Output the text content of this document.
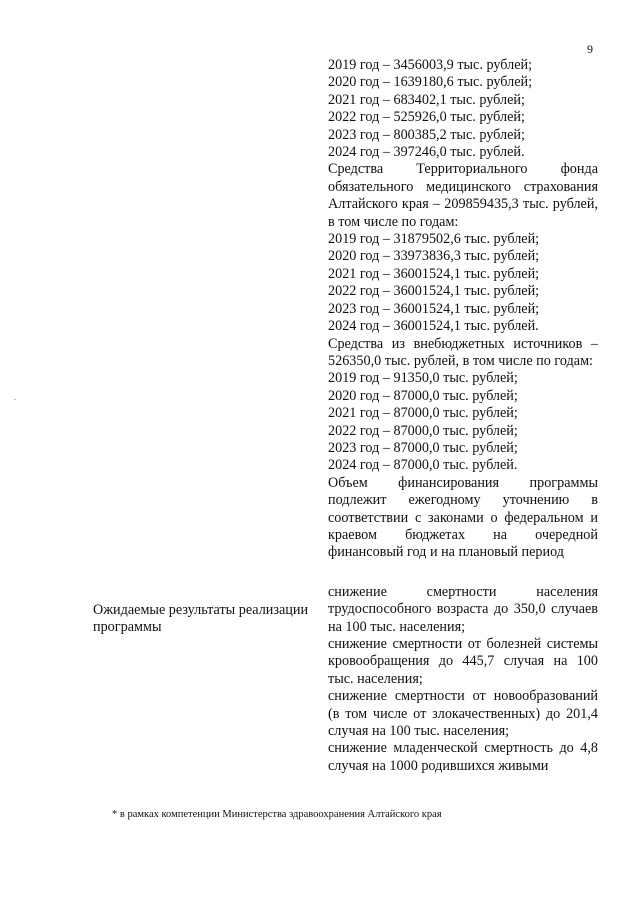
9
2019 год – 3456003,9 тыс. рублей;
2020 год – 1639180,6 тыс. рублей;
2021 год – 683402,1 тыс. рублей;
2022 год – 525926,0 тыс. рублей;
2023 год – 800385,2 тыс. рублей;
2024 год – 397246,0 тыс. рублей.
Средства Территориального фонда обязательного медицинского страхования Алтайского края – 209859435,3 тыс. рублей, в том числе по годам:
2019 год – 31879502,6 тыс. рублей;
2020 год – 33973836,3 тыс. рублей;
2021 год – 36001524,1 тыс. рублей;
2022 год – 36001524,1 тыс. рублей;
2023 год – 36001524,1 тыс. рублей;
2024 год – 36001524,1 тыс. рублей.
Средства из внебюджетных источников – 526350,0 тыс. рублей, в том числе по годам:
2019 год – 91350,0 тыс. рублей;
2020 год – 87000,0 тыс. рублей;
2021 год – 87000,0 тыс. рублей;
2022 год – 87000,0 тыс. рублей;
2023 год – 87000,0 тыс. рублей;
2024 год – 87000,0 тыс. рублей.
Объем финансирования программы подлежит ежегодному уточнению в соответствии с законами о федеральном и краевом бюджетах на очередной финансовый год и на плановый период
снижение смертности населения трудоспособного возраста до 350,0 случаев на 100 тыс. населения;
снижение смертности от болезней системы кровообращения до 445,7 случая на 100 тыс. населения;
снижение смертности от новообразований (в том числе от злокачественных) до 201,4 случая на 100 тыс. населения;
снижение младенческой смертность до 4,8 случая на 1000 родившихся живыми
Ожидаемые результаты реализации программы
* в рамках компетенции Министерства здравоохранения Алтайского края
